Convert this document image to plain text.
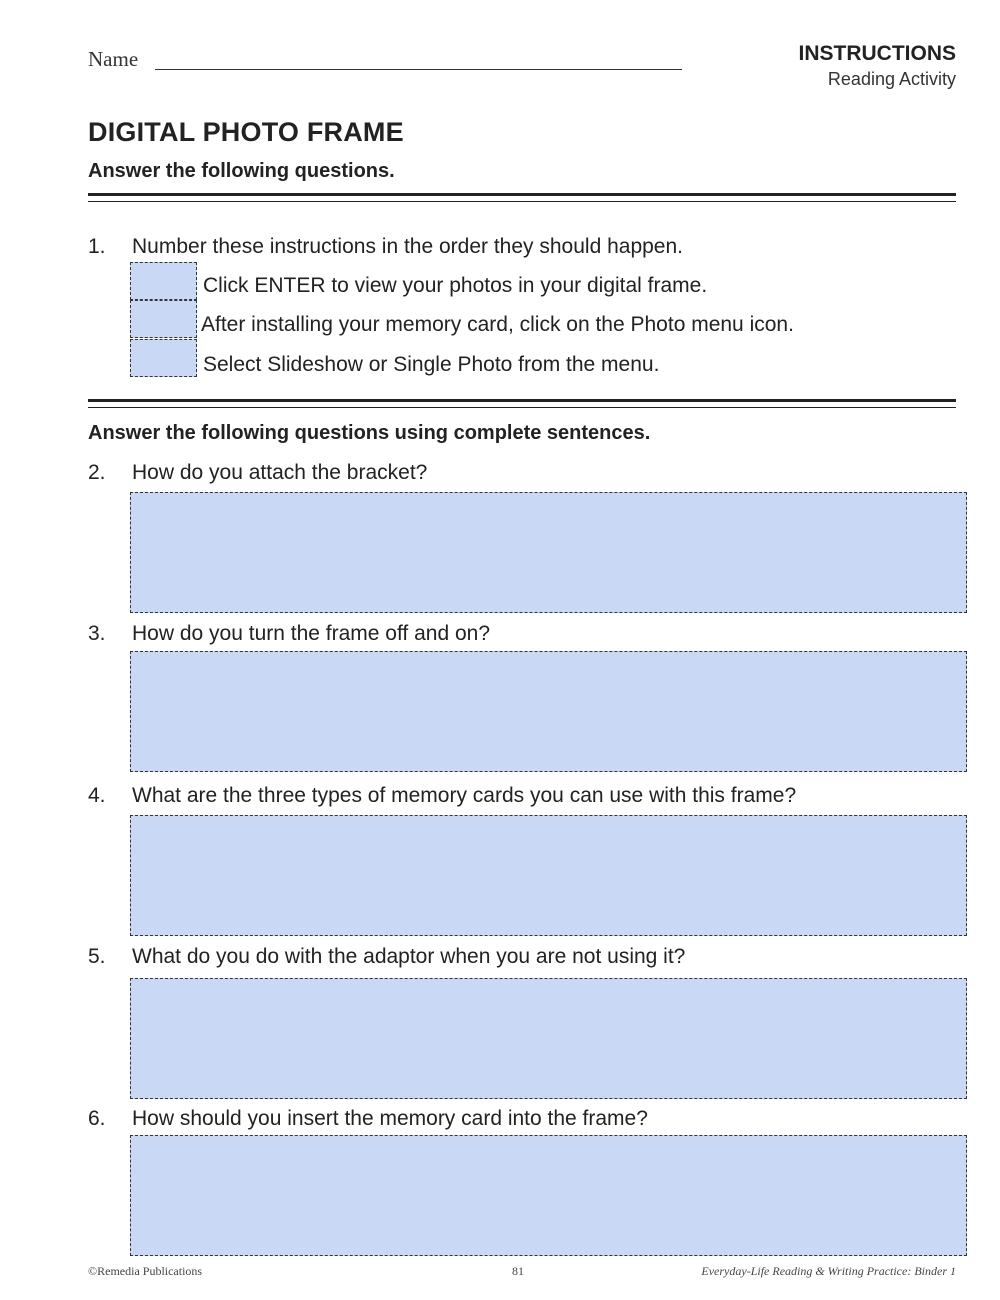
Name	INSTRUCTIONS
Reading Activity
DIGITAL PHOTO FRAME
Answer the following questions.
1. Number these instructions in the order they should happen.
Click ENTER to view your photos in your digital frame.
After installing your memory card, click on the Photo menu icon.
Select Slideshow or Single Photo from the menu.
Answer the following questions using complete sentences.
2. How do you attach the bracket?
3. How do you turn the frame off and on?
4. What are the three types of memory cards you can use with this frame?
5. What do you do with the adaptor when you are not using it?
6. How should you insert the memory card into the frame?
©Remedia Publications	81	Everyday-Life Reading & Writing Practice: Binder 1
